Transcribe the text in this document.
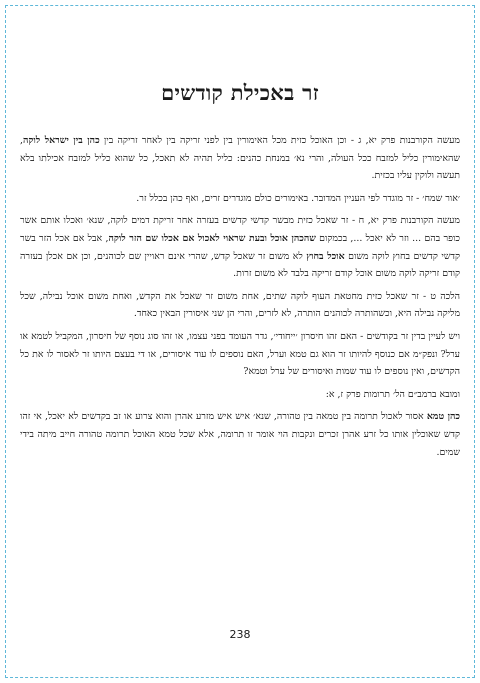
זר באכילת קודשים

מעשה הקורבנות פרק יא, ג - וכן האוכל כזית מכל האימורין בין לפני זריקה בין לאחר זריקה בין כהן בין ישראל לוקה, שהאימורין כליל למזבח ככל העולה, והרי נא׳ במנחת כהנים: כליל תהיה לא תאכל, כל שהוא כליל למזבח אכילתו בלא תעשה ולוקין עליו בכזית.

׳אור שמח׳ - זר מוגדר לפי העניין המדובר. באימורים כולם מוגדרים זרים, ואף כהן בכלל זר.

מעשה הקורבנות פרק יא, ח - זר שאכל כזית מבשר קדשי קדשים בעזרה אחר זריקת דמים לוקה, שנא׳ ואכלו אותם אשר כופר בהם ... וזר לא יאכל ..., בכמקום שהכהן אוכל ובעת שראוי לאכול אם אכלו שם הזר לוקה, אבל אם אכל הזר בשר קדשי קדשים בחוץ לוקה משום אוכל בחוץ לא משום זר שאכל קדש, שהרי אינם ראויין שם לכוהנים, וכן אם אכלן בעזרה קודם זריקה לוקה משום אוכל קודם זריקה בלבד לא משום זרות.

הלכה ט - זר שאכל כזית מחטאת העוף לוקה שתים, אחת משום זר שאכל את הקדש, ואחת משום אוכל נבילה, שכל מליקה נבילה היא, וכשהותרה לכוהנים הותרה, לא לזרים, והרי הן שני איסורין הבאין כאחד.

ויש לעיין בדין זר בקודשים - האם זהו חיסרון ׳ייחודי׳, גדר העומד בפני עצמו, או זהו סוג נוסף של חיסרון, המקביל לטמא או ערל? ונפק״מ אם כנוסף להיותו זר הוא גם טמא וערל, האם נוספים לו עוד איסורים, או די בעצם היותו זר לאסור לו את כל הקדשים, ואין נוספים לו עוד שמות ואיסורים של ערל וטמא?

ומובא ברמב״ם הל׳ תרומות פרק ז, א:

כהן טמא אסור לאכול תרומה בין טמאה בין טהורה, שנא׳ איש איש מזרע אהרן והוא צרוע או זב בקדשים לא יאכל, אי זהו קדש שאוכלין אותו כל זרע אהרן זכרים ונקבות הוי אומר זו תרומה, אלא שכל טמא האוכל תרומה טהורה חייב מיתה בידי שמים.

238
